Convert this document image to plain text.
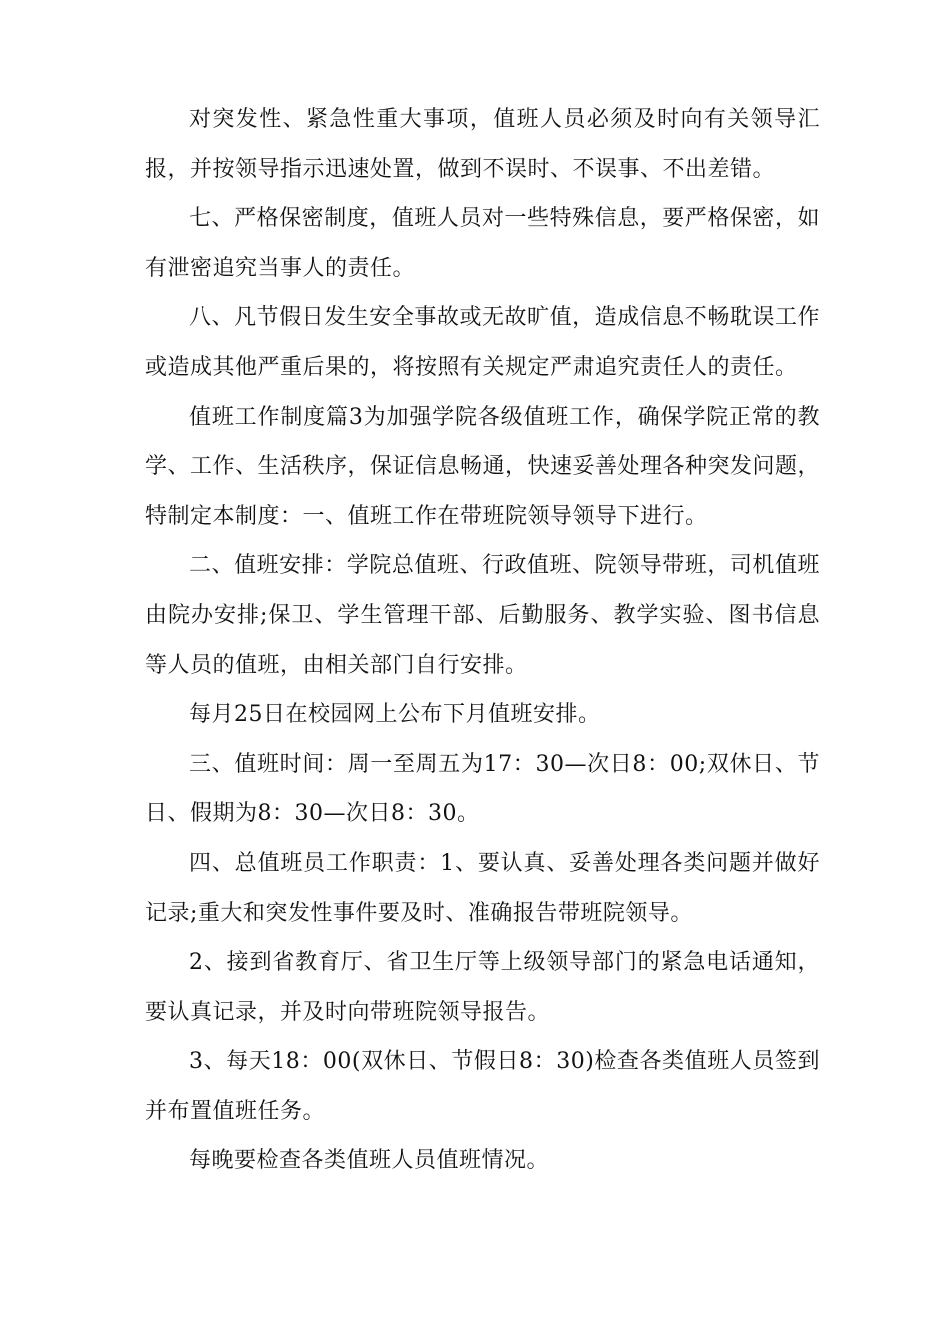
对突发性、紧急性重大事项，值班人员必须及时向有关领导汇报，并按领导指示迅速处置，做到不误时、不误事、不出差错。

七、严格保密制度，值班人员对一些特殊信息，要严格保密，如有泄密追究当事人的责任。

八、凡节假日发生安全事故或无故旷值，造成信息不畅耽误工作或造成其他严重后果的，将按照有关规定严肃追究责任人的责任。

值班工作制度篇3为加强学院各级值班工作，确保学院正常的教学、工作、生活秩序，保证信息畅通，快速妥善处理各种突发问题，特制定本制度：一、值班工作在带班院领导领导下进行。

二、值班安排：学院总值班、行政值班、院领导带班，司机值班由院办安排;保卫、学生管理干部、后勤服务、教学实验、图书信息等人员的值班，由相关部门自行安排。

每月25日在校园网上公布下月值班安排。

三、值班时间：周一至周五为17：30—次日8：00;双休日、节日、假期为8：30—次日8：30。

四、总值班员工作职责：1、要认真、妥善处理各类问题并做好记录;重大和突发性事件要及时、准确报告带班院领导。

2、接到省教育厅、省卫生厅等上级领导部门的紧急电话通知，要认真记录，并及时向带班院领导报告。

3、每天18：00(双休日、节假日8：30)检查各类值班人员签到并布置值班任务。

每晚要检查各类值班人员值班情况。
